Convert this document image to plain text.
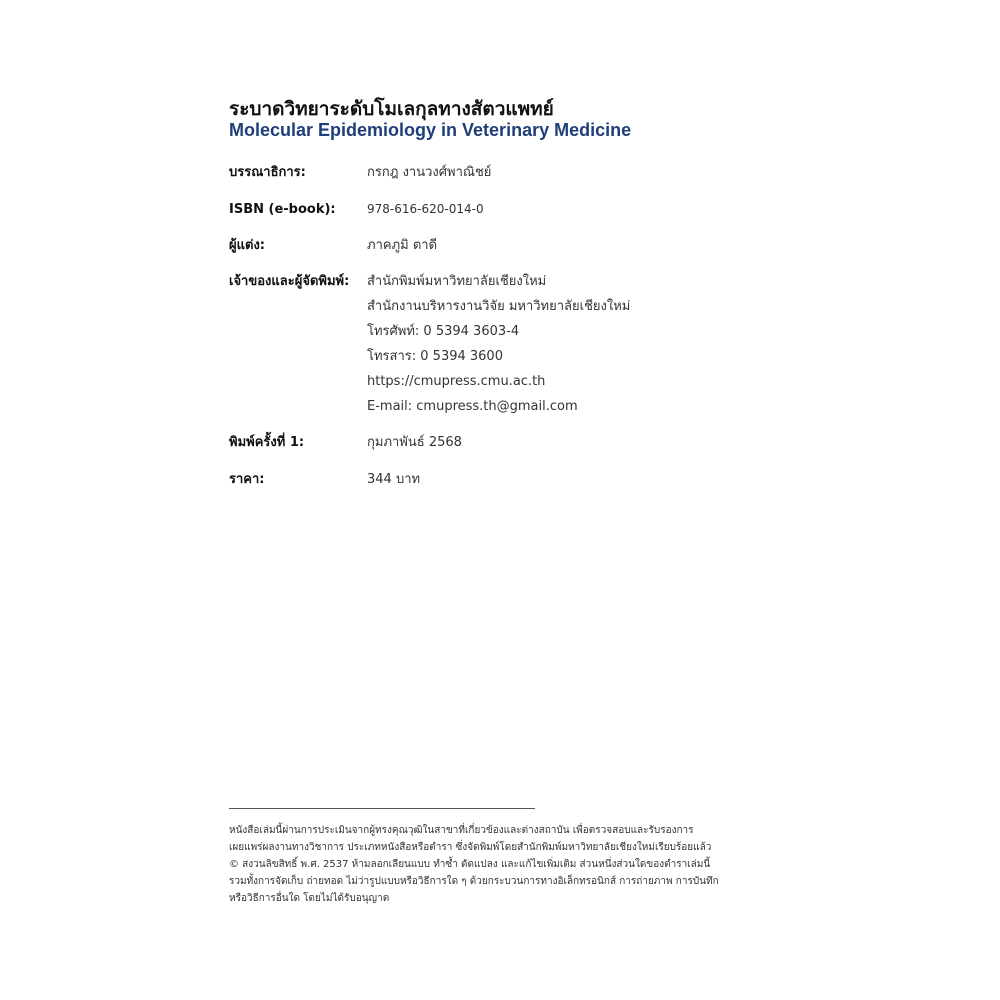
ระบาดวิทยาระดับโมเลกุลทางสัตวแพทย์
Molecular Epidemiology in Veterinary Medicine
บรรณาธิการ:	กรกฎ งานวงศ์พาณิชย์
ISBN (e-book):	978-616-620-014-0
ผู้แต่ง:	ภาคภูมิ ตาดี
เจ้าของและผู้จัดพิมพ์:	สำนักพิมพ์มหาวิทยาลัยเชียงใหม่
สำนักงานบริหารงานวิจัย มหาวิทยาลัยเชียงใหม่
โทรศัพท์: 0 5394 3603-4
โทรสาร: 0 5394 3600
https://cmupress.cmu.ac.th
E-mail: cmupress.th@gmail.com
พิมพ์ครั้งที่ 1:	กุมภาพันธ์ 2568
ราคา:	344 บาท

หนังสือเล่มนี้ผ่านการประเมินจากผู้ทรงคุณวุฒิในสาขาที่เกี่ยวข้องและต่างสถาบัน เพื่อตรวจสอบและรับรองการ
เผยแพร่ผลงานทางวิชาการ ประเภทหนังสือหรือตำรา ซึ่งจัดพิมพ์โดยสำนักพิมพ์มหาวิทยาลัยเชียงใหม่เรียบร้อยแล้ว

© สงวนลิขสิทธิ์ พ.ศ. 2537 ห้ามลอกเลียนแบบ ทำซ้ำ ดัดแปลง และแก้ไขเพิ่มเติม ส่วนหนึ่งส่วนใดของตำราเล่มนี้
รวมทั้งการจัดเก็บ ถ่ายทอด ไม่ว่ารูปแบบหรือวิธีการใด ๆ ด้วยกระบวนการทางอิเล็กทรอนิกส์ การถ่ายภาพ การบันทึก
หรือวิธีการอื่นใด โดยไม่ได้รับอนุญาต
